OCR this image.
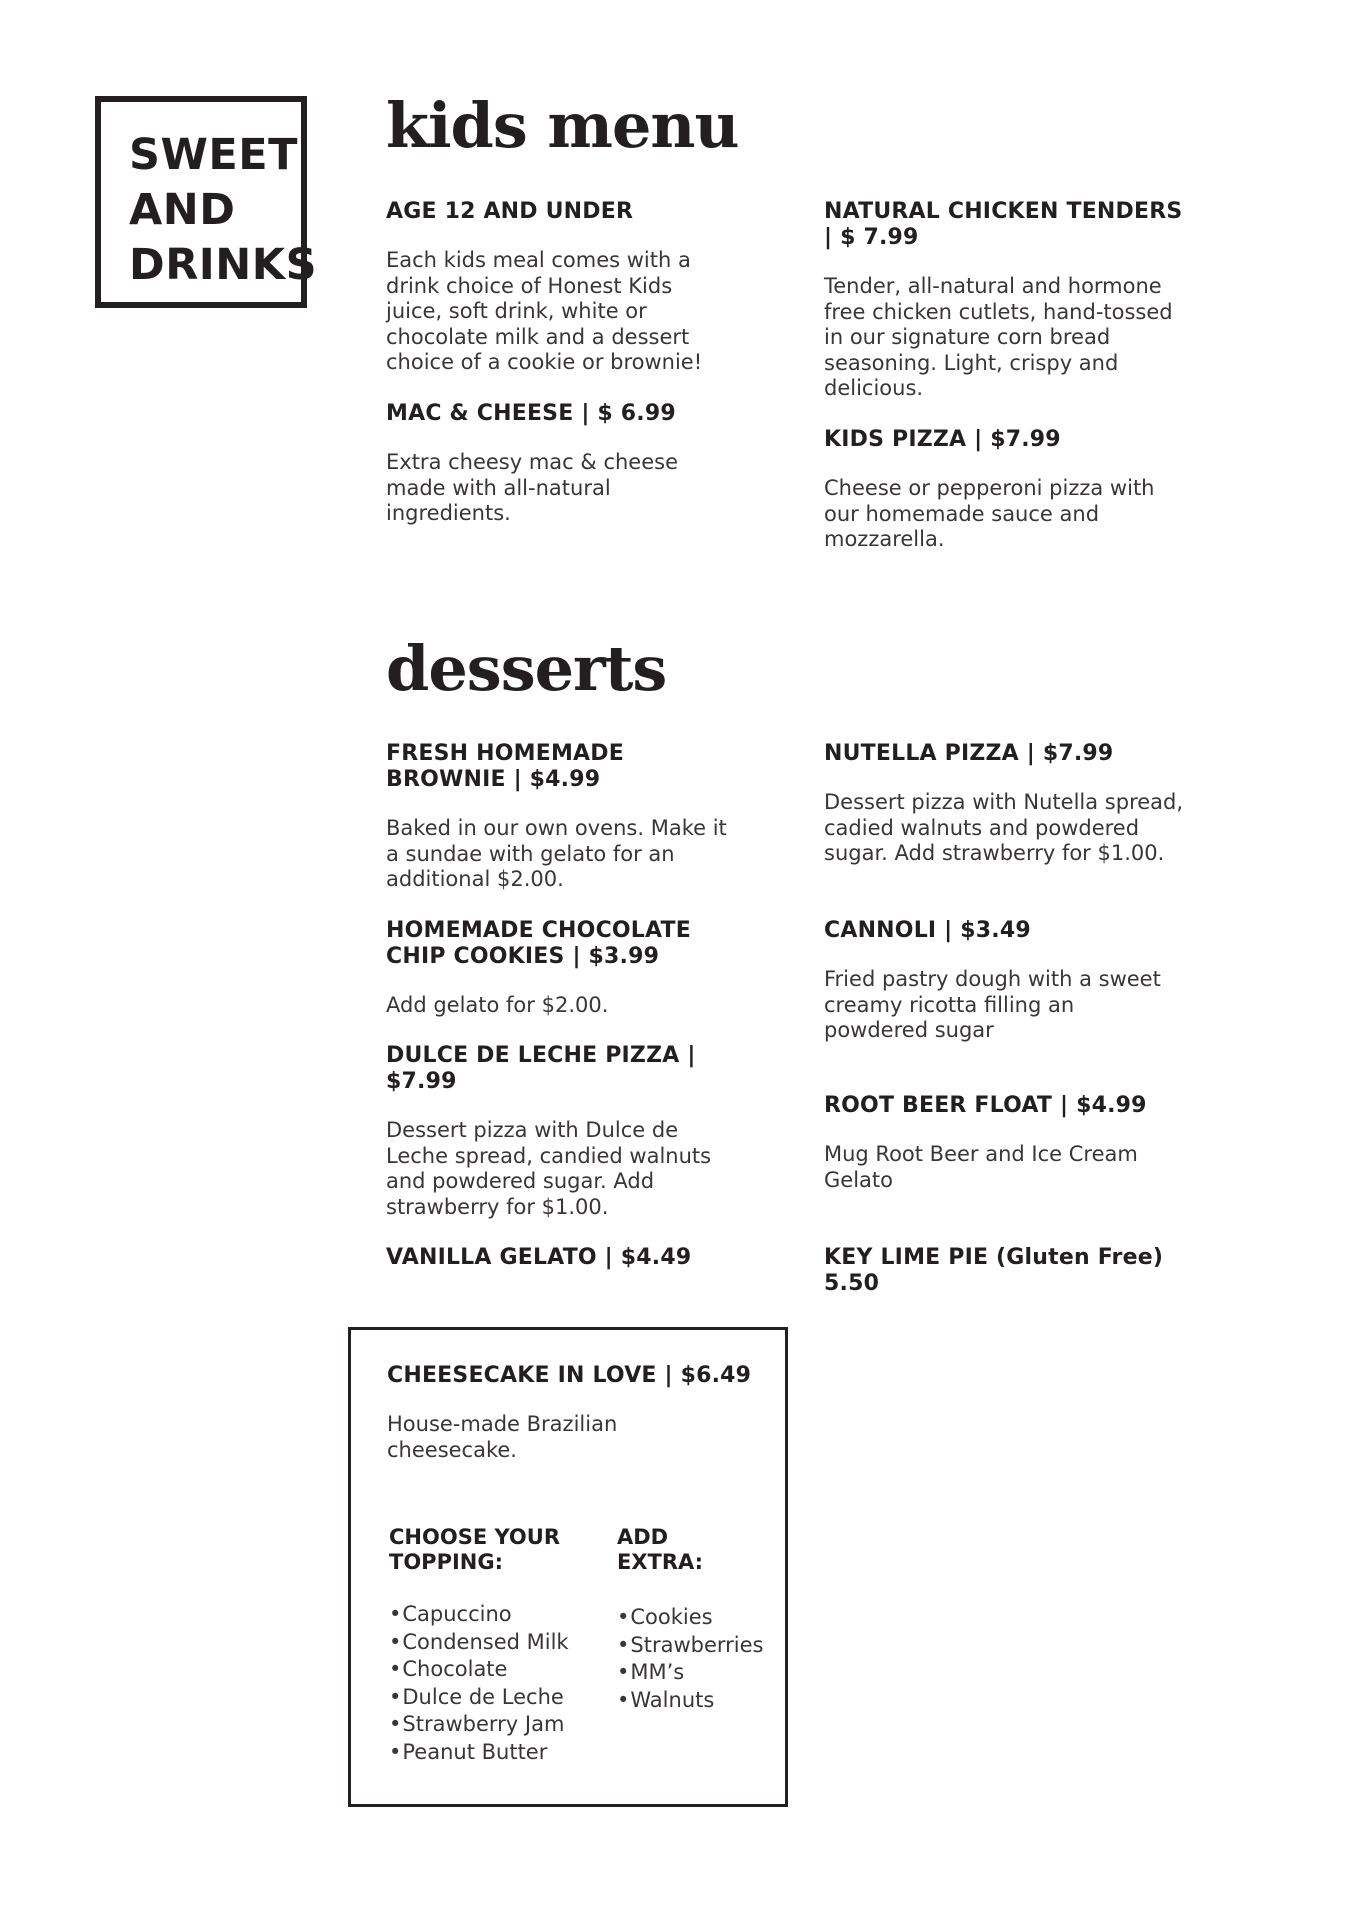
SWEET
AND
DRINKS
kids menu
AGE 12 AND UNDER

Each kids meal comes with a drink choice of Honest Kids juice, soft drink, white or chocolate milk and a dessert choice of a cookie or brownie!

MAC & CHEESE | $ 6.99

Extra cheesy mac & cheese made with all-natural ingredients.

NATURAL CHICKEN TENDERS | $ 7.99

Tender, all-natural and hormone free chicken cutlets, hand-tossed in our signature corn bread seasoning. Light, crispy and delicious.

KIDS PIZZA | $7.99

Cheese or pepperoni pizza with our homemade sauce and mozzarella.

desserts
FRESH HOMEMADE BROWNIE | $4.99

Baked in our own ovens. Make it a sundae with gelato for an additional $2.00.

HOMEMADE CHOCOLATE CHIP COOKIES | $3.99

Add gelato for $2.00.

DULCE DE LECHE PIZZA | $7.99

Dessert pizza with Dulce de Leche spread, candied walnuts and powdered sugar. Add strawberry for $1.00.

VANILLA GELATO | $4.49
NUTELLA PIZZA | $7.99

Dessert pizza with Nutella spread, cadied walnuts and powdered sugar. Add strawberry for $1.00.

CANNOLI | $3.49

Fried pastry dough with a sweet creamy ricotta filling an powdered sugar

ROOT BEER FLOAT | $4.99

Mug Root Beer and Ice Cream Gelato

KEY LIME PIE (Gluten Free) 5.50
CHEESECAKE IN LOVE | $6.49

House-made Brazilian cheesecake.

CHOOSE YOUR TOPPING:
• Capuccino
• Condensed Milk
• Chocolate
• Dulce de Leche
• Strawberry Jam
• Peanut Butter
ADD EXTRA:
• Cookies
• Strawberries
• MM’s
• Walnuts
